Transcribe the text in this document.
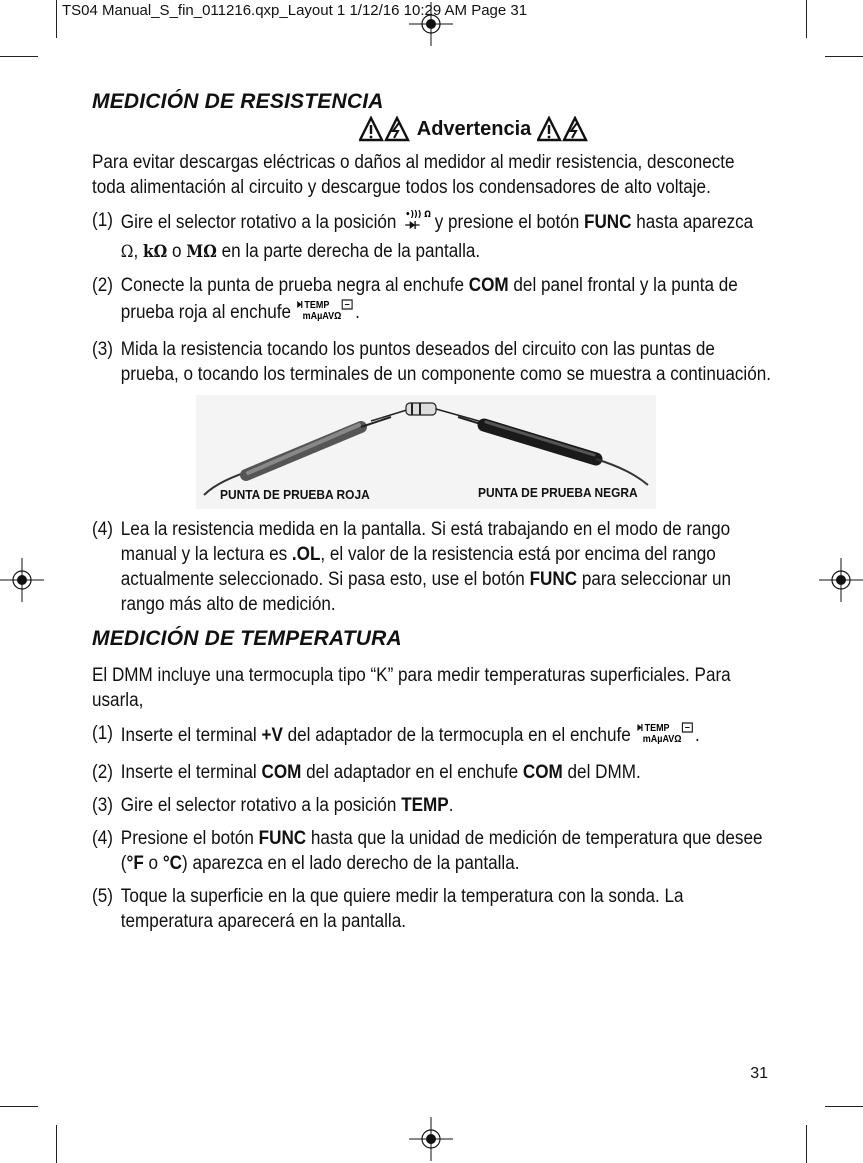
TS04 Manual_S_fin_011216.qxp_Layout 1 1/12/16 10:29 AM Page 31
MEDICIÓN DE RESISTENCIA
Advertencia

Para evitar descargas eléctricas o daños al medidor al medir resistencia, desconecte toda alimentación al circuito y descargue todos los condensadores de alto voltaje.

(1) Gire el selector rotativo a la posición •))) Ω y presione el botón FUNC hasta aparezca Ω, kΩ o MΩ en la parte derecha de la pantalla.
(2) Conecte la punta de prueba negra al enchufe COM del panel frontal y la punta de prueba roja al enchufe TEMP
mAµAVΩ .
(3) Mida la resistencia tocando los puntos deseados del circuito con las puntas de prueba, o tocando los terminales de un componente como se muestra a continuación.
PUNTA DE PRUEBA ROJA	PUNTA DE PRUEBA NEGRA
(4) Lea la resistencia medida en la pantalla. Si está trabajando en el modo de rango manual y la lectura es .OL, el valor de la resistencia está por encima del rango actualmente seleccionado. Si pasa esto, use el botón FUNC para seleccionar un rango más alto de medición.
MEDICIÓN DE TEMPERATURA

El DMM incluye una termocupla tipo “K” para medir temperaturas superficiales. Para usarla,

(1) Inserte el terminal +V del adaptador de la termocupla en el enchufe TEMP
mAµAVΩ .
(2) Inserte el terminal COM del adaptador en el enchufe COM del DMM.
(3) Gire el selector rotativo a la posición TEMP.
(4) Presione el botón FUNC hasta que la unidad de medición de temperatura que desee (°F o °C) aparezca en el lado derecho de la pantalla.
(5) Toque la superficie en la que quiere medir la temperatura con la sonda. La temperatura aparecerá en la pantalla.
31
